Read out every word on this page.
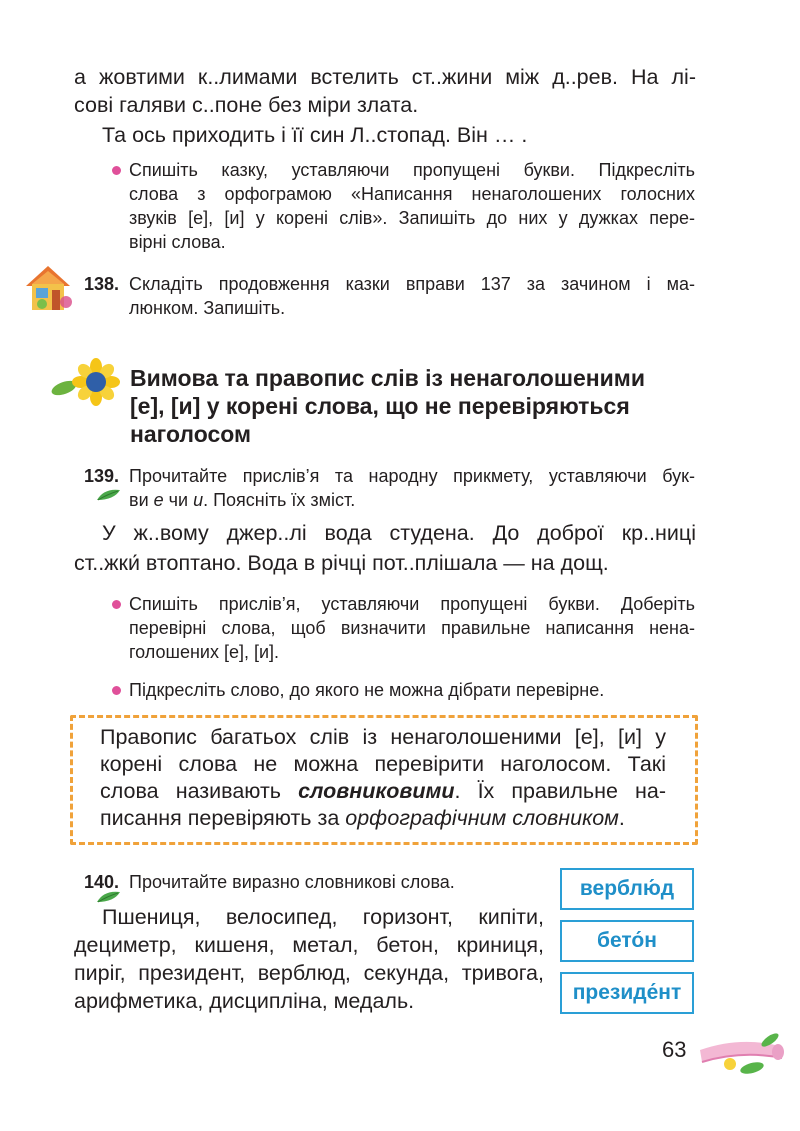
а жовтими к..лимами встелить ст..жини між д..рев. На лі-
сові галяви с..поне без міри злата.
Та ось приходить і її син Л..стопад. Він … .
Спишіть казку, уставляючи пропущені букви. Підкресліть
слова з орфограмою «Написання ненаголошених голосних
звуків [е], [и] у корені слів». Запишіть до них у дужках пере-
вірні слова.
138. Складіть продовження казки вправи 137 за зачином і ма-
люнком. Запишіть.
Вимова та правопис слів із ненаголошеними
[е], [и] у корені слова, що не перевіряються
наголосом
139. Прочитайте прислів’я та народну прикмету, уставляючи бук-
ви е чи и. Поясніть їх зміст.
У ж..вому джер..лі вода студена. До доброї кр..ниці
ст..жки́ втоптано. Вода в річці пот..плішала — на дощ.
Спишіть прислів’я, уставляючи пропущені букви. Доберіть
перевірні слова, щоб визначити правильне написання нена-
голошених [е], [и].
Підкресліть слово, до якого не можна дібрати перевірне.
Правопис багатьох слів із ненаголошеними [е], [и] у
корені слова не можна перевірити наголосом. Такі
слова називають словниковими. Їх правильне на-
писання перевіряють за орфографічним словником.
140. Прочитайте виразно словникові слова.
Пшениця, велосипед, горизонт, кипіти,
дециметр, кишеня, метал, бетон, криниця,
пиріг, президент, верблюд, секунда, тривога,
арифметика, дисципліна, медаль.
верблю́д
бето́н
президе́нт
63
